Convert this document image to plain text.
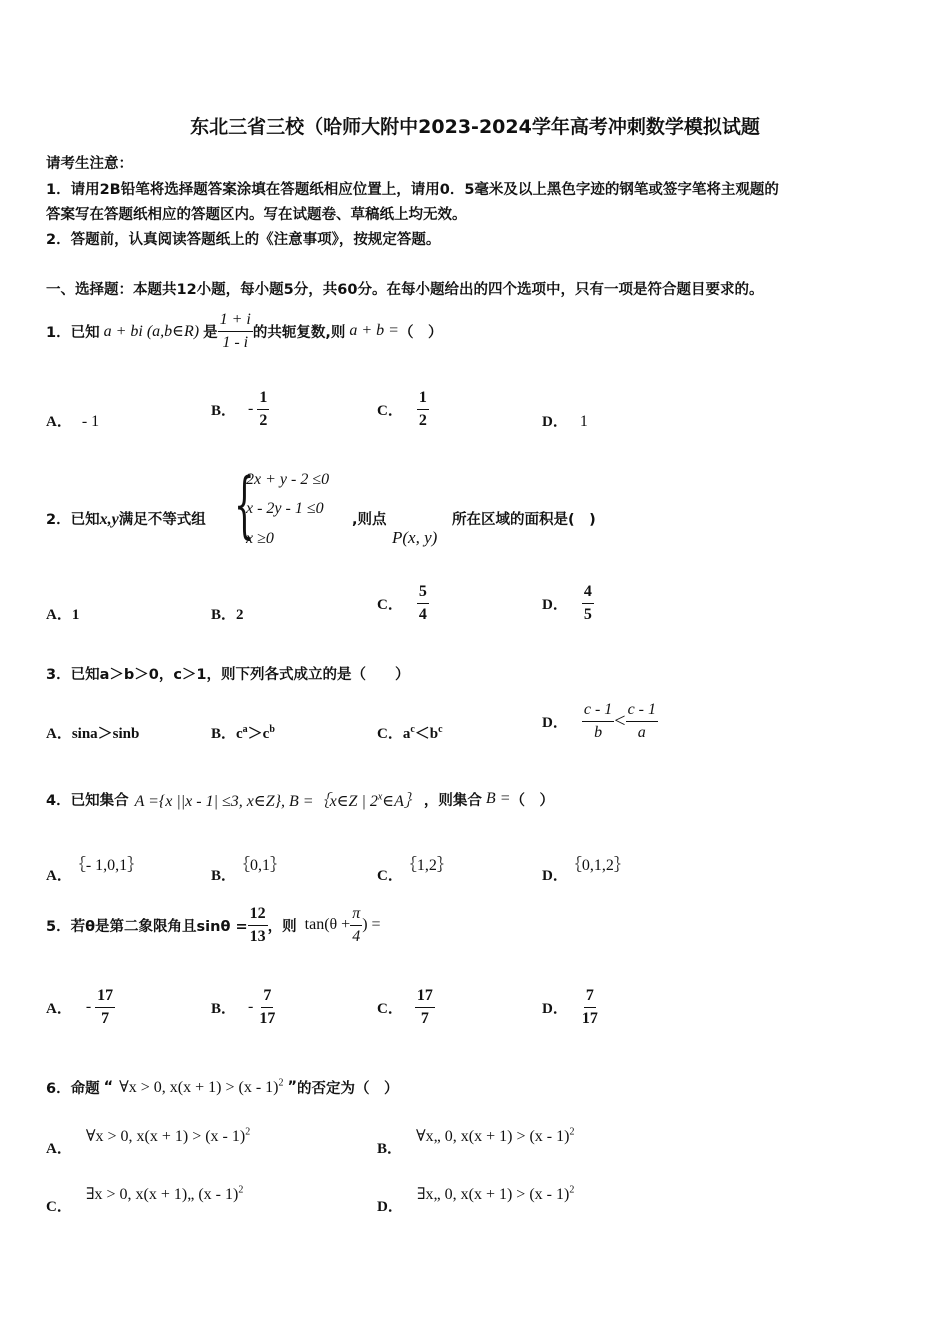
东北三省三校（哈师大附中2023-2024学年高考冲刺数学模拟试题
请考生注意：
1．请用2B铅笔将选择题答案涂填在答题纸相应位置上，请用0．5毫米及以上黑色字迹的钢笔或签字笔将主观题的
答案写在答题纸相应的答题区内。写在试题卷、草稿纸上均无效。
2．答题前，认真阅读答题纸上的《注意事项》，按规定答题。
一、选择题：本题共12小题，每小题5分，共60分。在每小题给出的四个选项中，只有一项是符合题目要求的。
1．已知 a + bi (a,b∈R) 是 $\frac{1 + i}{1 - i}$ 的共轭复数,则 a + b = （　）
A． - 1
B． - $\frac{1}{2}$	C． $\frac{1}{2}$	D． 1
2．已知x,y满足不等式组 {
2x + y - 2 ≤0
x - 2y - 1 ≤0
x ≥0
,则点
P(x, y)
所在区域的面积是(　)
A．1	B．2
C． $\frac{5}{4}$	D． $\frac{4}{5}$
3．已知a＞b＞0，c＞1，则下列各式成立的是（　　）
A．sina＞sinb	B．$c^a>c^b$	C．$a^c<b^c$	D． $\frac{c - 1}{b} < \frac{c - 1}{a}$
4．已知集合 A ={x ||x - 1| ≤3, x∈Z}, B =｛x∈Z | 2$^x$∈A｝ ，则集合 B = （　）
A．｛- 1,0,1｝
B．｛0,1｝
C．｛1,2｝
D．｛0,1,2｝
5．若θ是第二象限角且$\sin\theta = \frac{12}{13}$ ，则 $\tan(\theta + \frac{\pi}{4}$ ) =
A． - $\frac{17}{7}$	B． - $\frac{7}{17}$	C． $\frac{17}{7}$	D． $\frac{7}{17}$
6．命题 “ ∀x > 0, x(x + 1) > (x - 1)$^2$ ” 的否定为（　）
A．∀x > 0, x(x + 1) > (x - 1)$^2$
B．∀x„ 0, x(x + 1) > (x - 1)$^2$
C．∃x > 0, x(x + 1)„ (x - 1)$^2$
D．∃x„ 0, x(x + 1) > (x - 1)$^2$
